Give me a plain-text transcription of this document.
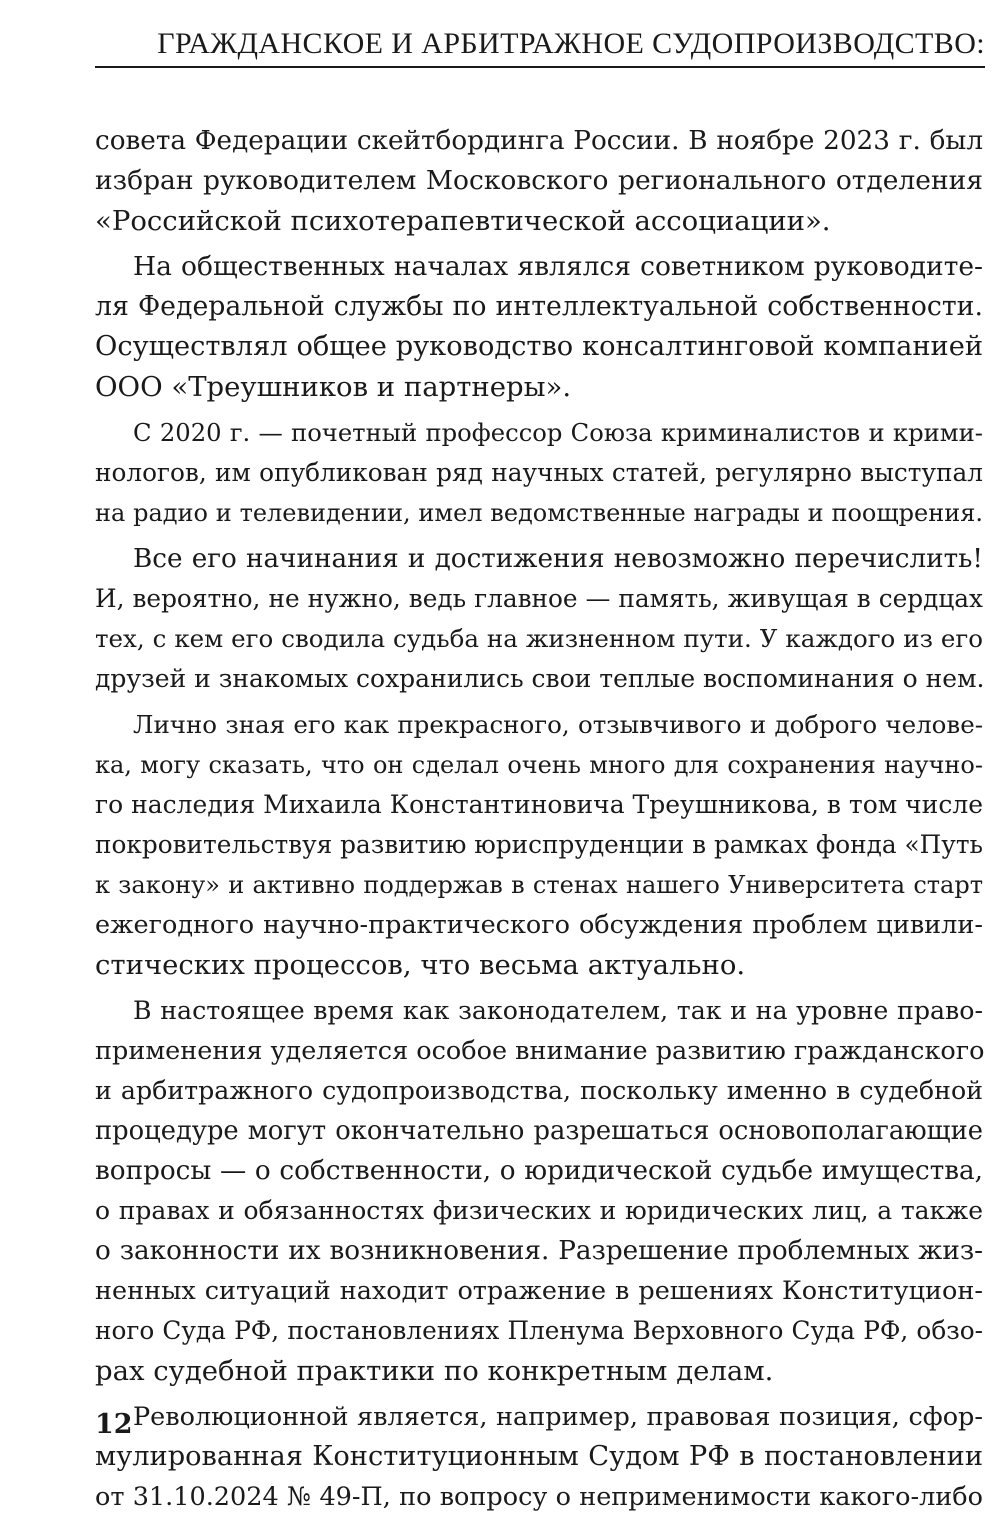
ГРАЖДАНСКОЕ И АРБИТРАЖНОЕ СУДОПРОИЗВОДСТВО:
совета Федерации скейтбординга России. В ноябре 2023 г. был
избран руководителем Московского регионального отделения
«Российской психотерапевтической ассоциации».
На общественных началах являлся советником руководите-
ля Федеральной службы по интеллектуальной собственности.
Осуществлял общее руководство консалтинговой компанией
ООО «Треушников и партнеры».
С 2020 г. — почетный профессор Союза криминалистов и крими-
нологов, им опубликован ряд научных статей, регулярно выступал
на радио и телевидении, имел ведомственные награды и поощрения.
Все его начинания и достижения невозможно перечислить!
И, вероятно, не нужно, ведь главное — память, живущая в сердцах
тех, с кем его сводила судьба на жизненном пути. У каждого из его
друзей и знакомых сохранились свои теплые воспоминания о нем.
Лично зная его как прекрасного, отзывчивого и доброго челове-
ка, могу сказать, что он сделал очень много для сохранения научно-
го наследия Михаила Константиновича Треушникова, в том числе
покровительствуя развитию юриспруденции в рамках фонда «Путь
к закону» и активно поддержав в стенах нашего Университета старт
ежегодного научно-практического обсуждения проблем цивили-
стических процессов, что весьма актуально.
В настоящее время как законодателем, так и на уровне право-
применения уделяется особое внимание развитию гражданского
и арбитражного судопроизводства, поскольку именно в судебной
процедуре могут окончательно разрешаться основополагающие
вопросы — о собственности, о юридической судьбе имущества,
о правах и обязанностях физических и юридических лиц, а также
о законности их возникновения. Разрешение проблемных жиз-
ненных ситуаций находит отражение в решениях Конституцион-
ного Суда РФ, постановлениях Пленума Верховного Суда РФ, обзо-
рах судебной практики по конкретным делам.
Революционной является, например, правовая позиция, сфор-
мулированная Конституционным Судом РФ в постановлении
от 31.10.2024 № 49-П, по вопросу о неприменимости какого-либо
12
